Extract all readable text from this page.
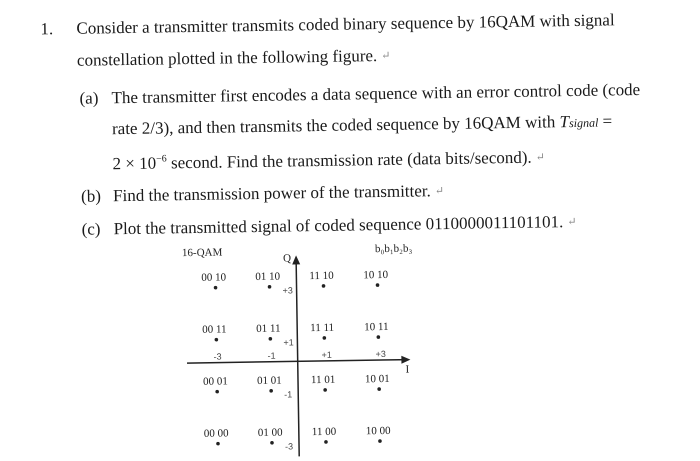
1. Consider a transmitter transmits coded binary sequence by 16QAM with signal
constellation plotted in the following figure. ↵
(a) The transmitter first encodes a data sequence with an error control code (code
rate 2/3), and then transmits the coded sequence by 16QAM with Tsignal =
$2 \times 10^{-6}$ second. Find the transmission rate (data bits/second). ↵
(b) Find the transmission power of the transmitter. ↵
(c) Plot the transmitted signal of coded sequence 0110000011101101. ↵
16-QAM	b₀b₁b₂b₃
Q
I
-3	-1	+1	+3
+3
+1
-1
-3
00 10	01 10	11 10	10 10
00 11	01 11	11 11	10 11
00 01	01 01	11 01	10 01
00 00	01 00	11 00	10 00
